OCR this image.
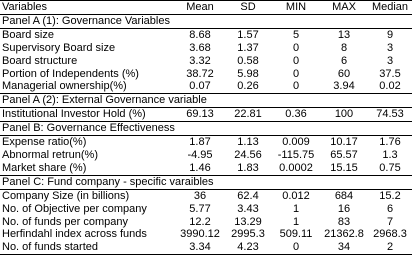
Variables	Mean	SD	MIN	MAX	Median
Panel A (1): Governance Variables					
Board size	8.68	1.57	5	13	9
Supervisory Board size	3.68	1.37	0	8	3
Board structure	3.32	0.58	0	6	3
Portion of Independents (%)	38.72	5.98	0	60	37.5
Managerial ownership(%)	0.07	0.26	0	3.94	0.02
Panel A (2): External Governance variable					
Institutional Investor Hold (%)	69.13	22.81	0.36	100	74.53
Panel B: Governance Effectiveness					
Expense ratio(%)	1.87	1.13	0.009	10.17	1.76
Abnormal retrun(%)	-4.95	24.56	-115.75	65.57	1.3
Market share (%)	1.46	1.83	0.0002	15.15	0.75
Panel C: Fund company - specific varaibles					
Company Size (in billions)	36	62.4	0.012	684	15.2
No. of Objective per company	5.77	3.43	1	16	6
No. of funds per company	12.2	13.29	1	83	7
Herfindahl index across funds	3990.12	2995.3	509.11	21362.8	2968.3
No. of funds started	3.34	4.23	0	34	2
